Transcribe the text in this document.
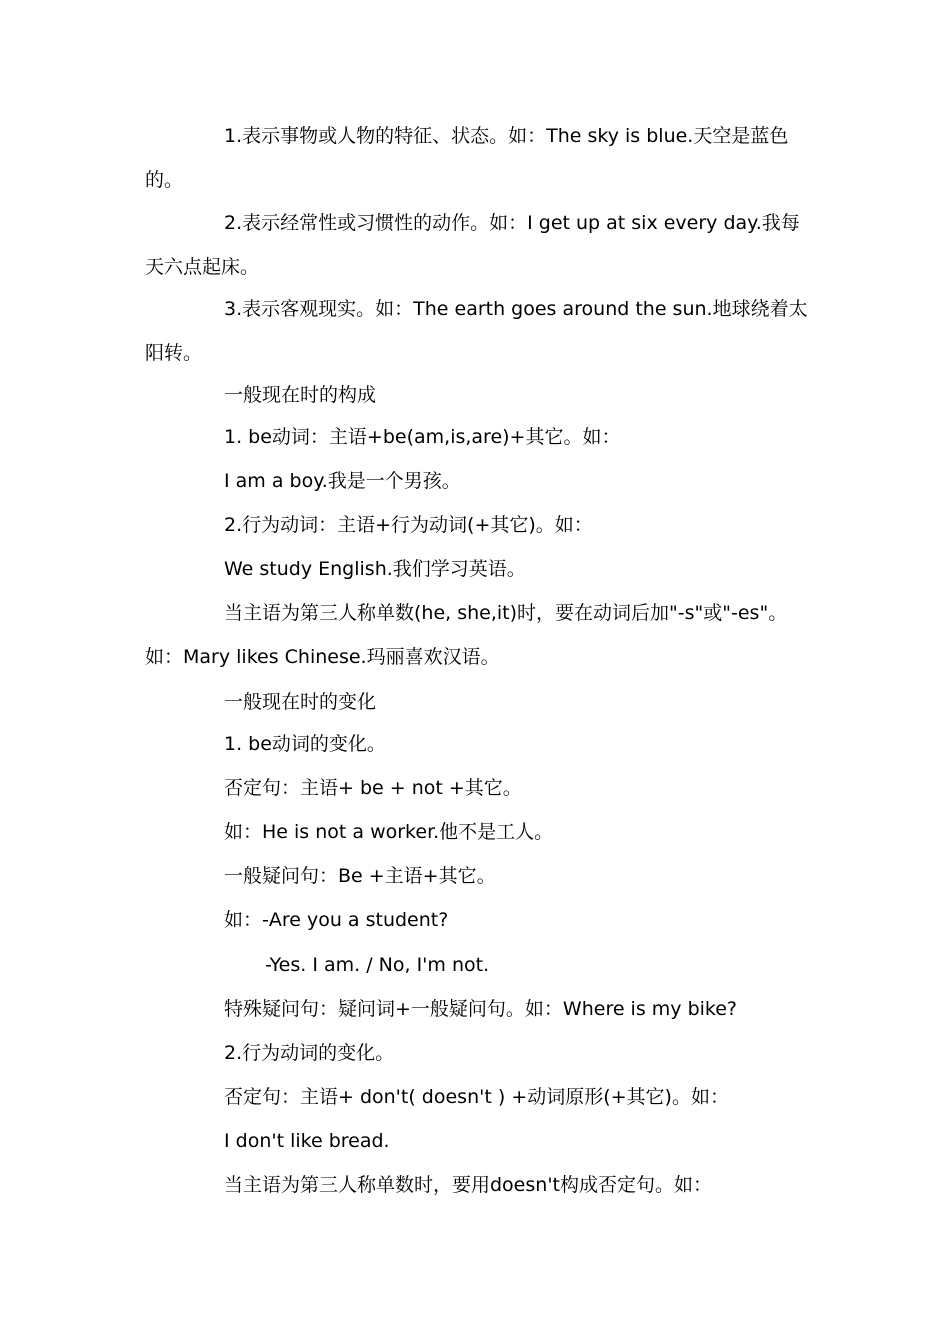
1.表示事物或人物的特征、状态。如：The sky is blue.天空是蓝色的。

2.表示经常性或习惯性的动作。如：I get up at six every day.我每天六点起床。

3.表示客观现实。如：The earth goes around the sun.地球绕着太阳转。

一般现在时的构成
1. be动词：主语+be(am,is,are)+其它。如：
I am a boy.我是一个男孩。
2.行为动词：主语+行为动词(+其它)。如：
We study English.我们学习英语。

当主语为第三人称单数(he, she,it)时，要在动词后加"-s"或"-es"。如：Mary likes Chinese.玛丽喜欢汉语。

一般现在时的变化
1. be动词的变化。
否定句：主语+ be + not +其它。
如：He is not a worker.他不是工人。
一般疑问句：Be +主语+其它。
如：-Are you a student?
-Yes. I am. / No, I'm not.
特殊疑问句：疑问词+一般疑问句。如：Where is my bike?
2.行为动词的变化。
否定句：主语+ don't( doesn't ) +动词原形(+其它)。如：
I don't like bread.
当主语为第三人称单数时，要用doesn't构成否定句。如：
